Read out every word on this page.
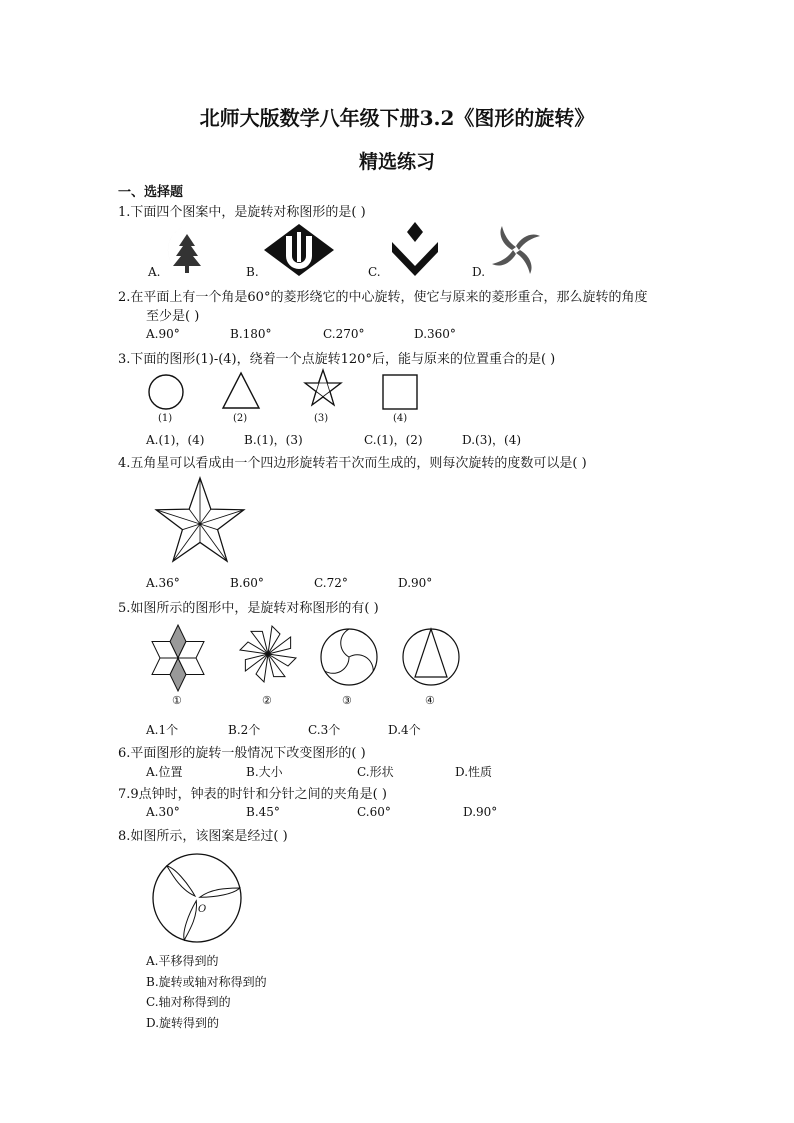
北师大版数学八年级下册3.2《图形的旋转》
精选练习
一、选择题
1.下面四个图案中，是旋转对称图形的是( )
A.	B.	C.	D.
2.在平面上有一个角是60°的菱形绕它的中心旋转，使它与原来的菱形重合，那么旋转的角度
至少是( )
A.90°	B.180°	C.270°	D.360°
3.下面的图形(1)-(4)，绕着一个点旋转120°后，能与原来的位置重合的是( )
(1)	(2)	(3)	(4)
A.(1)，(4)	B.(1)，(3)	C.(1)，(2)	D.(3)，(4)
4.五角星可以看成由一个四边形旋转若干次而生成的，则每次旋转的度数可以是( )
A.36°	B.60°	C.72°	D.90°
5.如图所示的图形中，是旋转对称图形的有( )
①	②	③	④
A.1个	B.2个	C.3个	D.4个
6.平面图形的旋转一般情况下改变图形的( )
A.位置	B.大小	C.形状	D.性质
7.9点钟时，钟表的时针和分针之间的夹角是( )
A.30°	B.45°	C.60°	D.90°
8.如图所示，该图案是经过( )
O
A.平移得到的
B.旋转或轴对称得到的
C.轴对称得到的
D.旋转得到的
